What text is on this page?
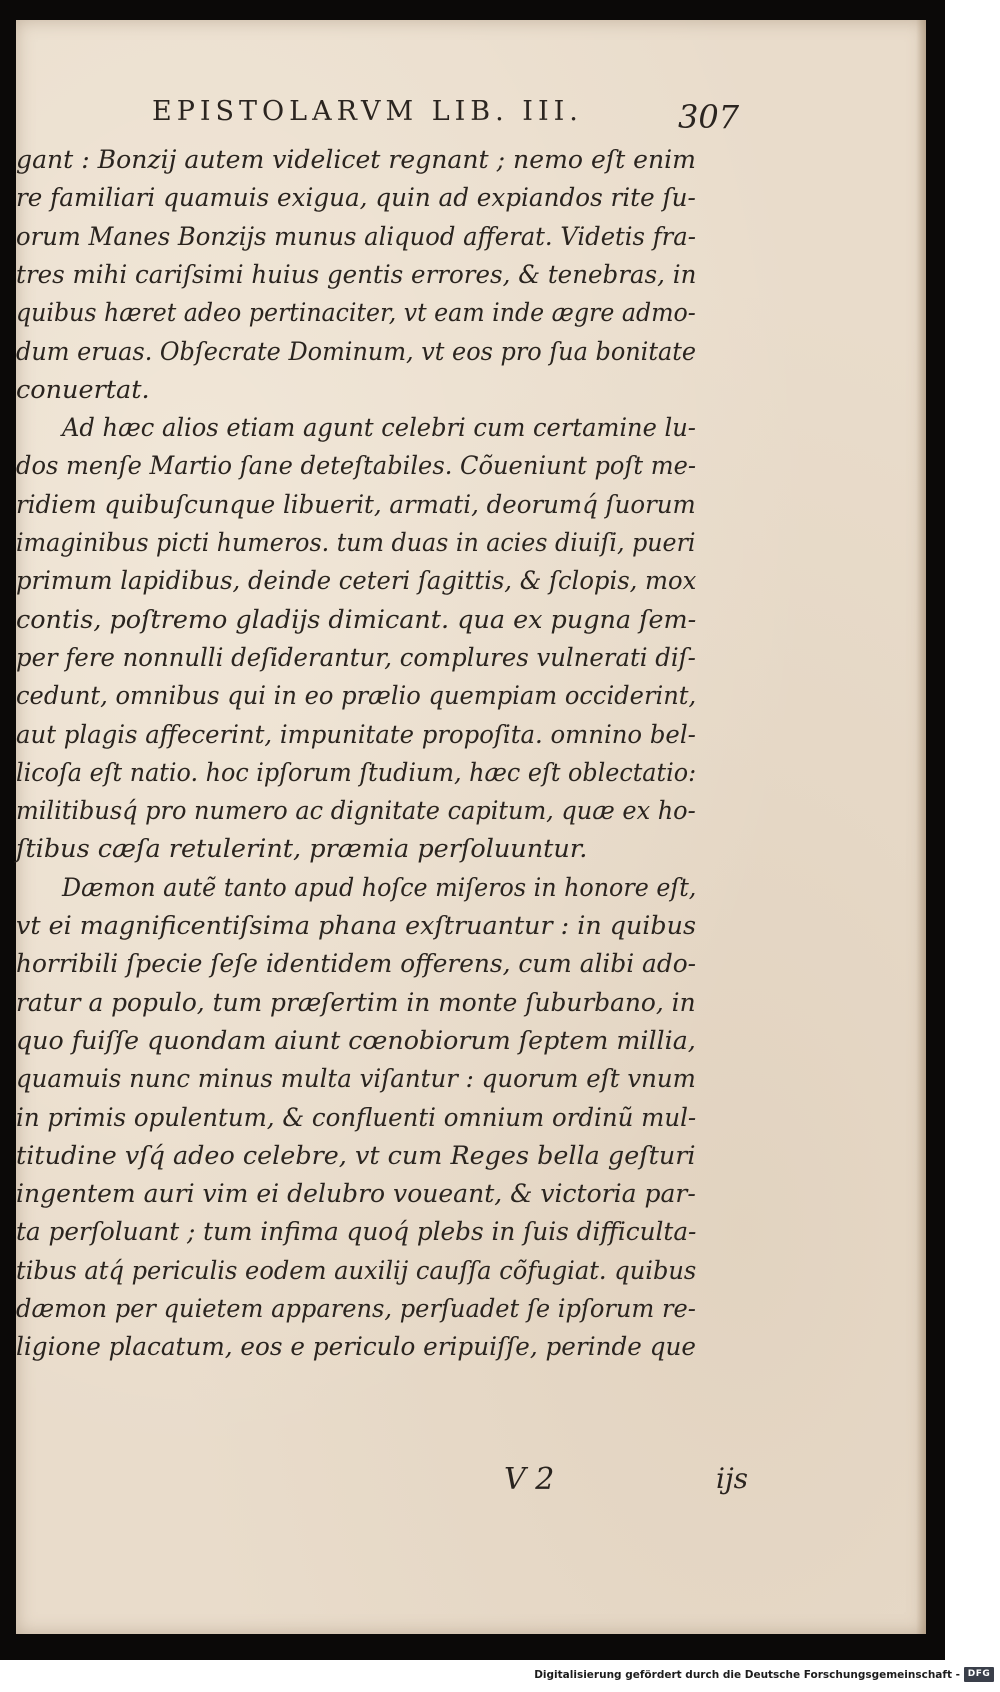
EPISTOLARVM LIB. III.	307
gant : Bonzij autem videlicet regnant ; nemo eſt enim
re familiari quamuis exigua, quin ad expiandos rite ſu-
orum Manes Bonzijs munus aliquod afferat. Videtis fra-
tres mihi cariſsimi huius gentis errores, & tenebras, in
quibus hæret adeo pertinaciter, vt eam inde ægre admo-
dum eruas. Obſecrate Dominum, vt eos pro ſua bonitate
conuertat.
Ad hæc alios etiam agunt celebri cum certamine lu-
dos menſe Martio ſane deteſtabiles. Cõueniunt poſt me-
ridiem quibuſcunque libuerit, armati, deorumq́ ſuorum
imaginibus picti humeros. tum duas in acies diuiſi, pueri
primum lapidibus, deinde ceteri ſagittis, & ſclopis, mox
contis, poſtremo gladijs dimicant. qua ex pugna ſem-
per fere nonnulli deſiderantur, complures vulnerati diſ-
cedunt, omnibus qui in eo prælio quempiam occiderint,
aut plagis affecerint, impunitate propoſita. omnino bel-
licoſa eſt natio. hoc ipſorum ſtudium, hæc eſt oblectatio:
militibusq́ pro numero ac dignitate capitum, quæ ex ho-
ſtibus cæſa retulerint, præmia perſoluuntur.
Dæmon autẽ tanto apud hoſce miſeros in honore eſt,
vt ei magnificentiſsima phana exſtruantur : in quibus
horribili ſpecie ſeſe identidem offerens, cum alibi ado-
ratur a populo, tum præſertim in monte ſuburbano, in
quo fuiſſe quondam aiunt cœnobiorum ſeptem millia,
quamuis nunc minus multa viſantur : quorum eſt vnum
in primis opulentum, & confluenti omnium ordinũ mul-
titudine vſq́ adeo celebre, vt cum Reges bella geſturi
ingentem auri vim ei delubro voueant, & victoria par-
ta perſoluant ; tum infima quoq́ plebs in ſuis difficulta-
tibus atq́ periculis eodem auxilij cauſſa cõfugiat. quibus
dæmon per quietem apparens, perſuadet ſe ipſorum re-
ligione placatum, eos e periculo eripuiſſe, perinde que
V 2	ijs
Digitalisierung gefördert durch die Deutsche Forschungsgemeinschaft - DFG
